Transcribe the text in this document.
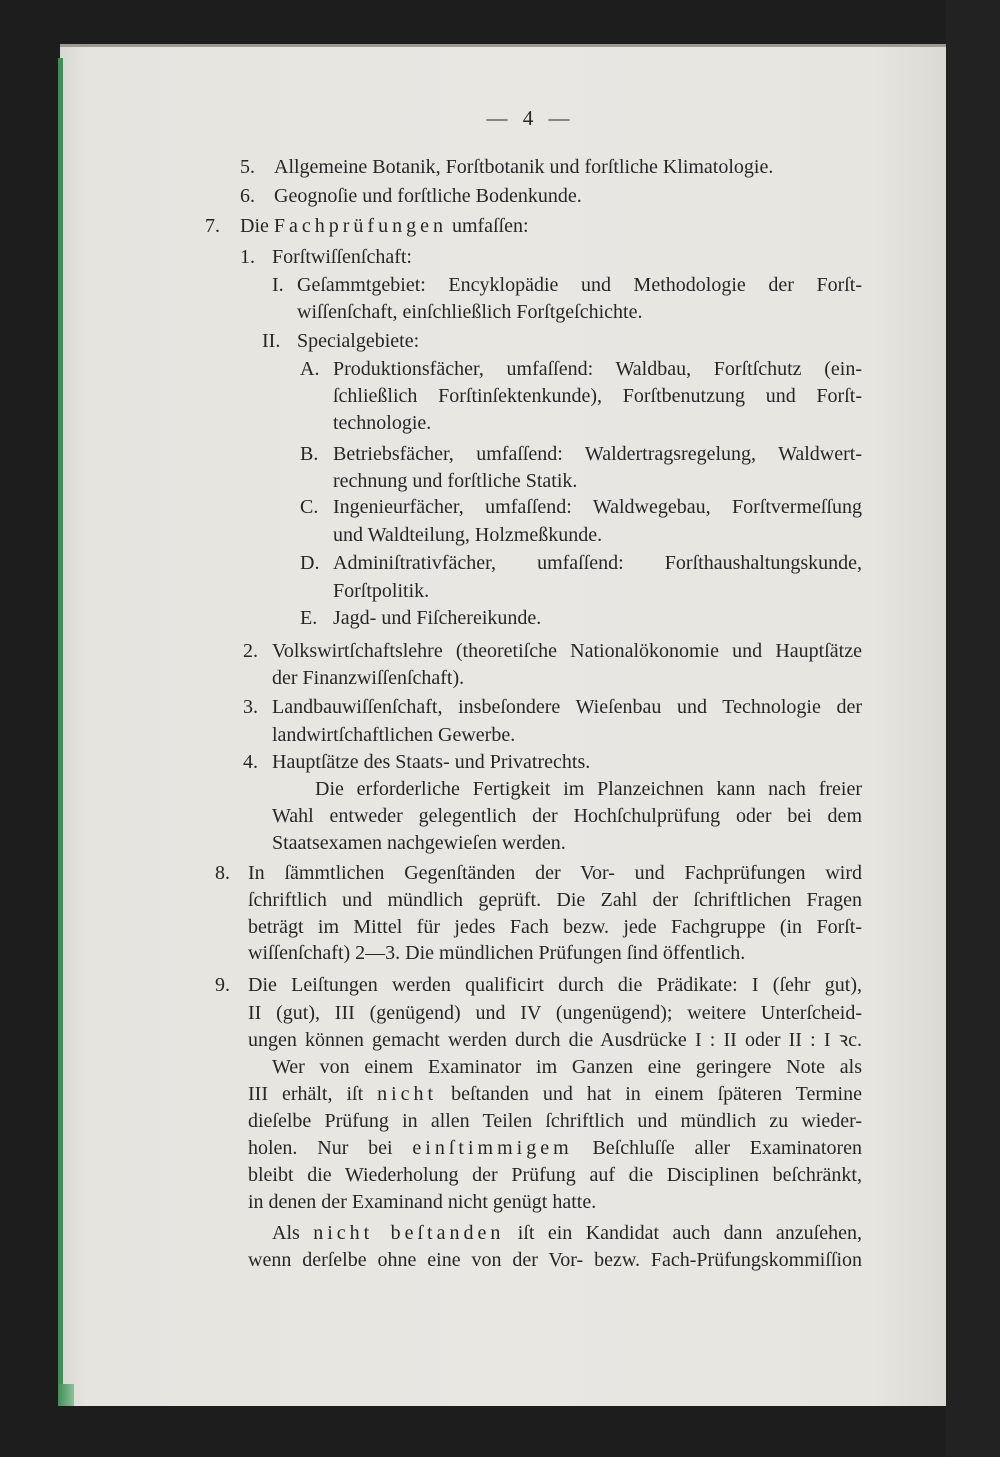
— 4 —
5. Allgemeine Botanik, Forſtbotanik und forſtliche Klimatologie.
6. Geognoſie und forſtliche Bodenkunde.
7. Die Fachprüfungen umfaſſen:
1. Forſtwiſſenſchaft:
I. Geſammtgebiet: Encyklopädie und Methodologie der Forſt-
wiſſenſchaft, einſchließlich Forſtgeſchichte.
II. Specialgebiete:
A. Produktionsfächer, umfaſſend: Waldbau, Forſtſchutz (ein-
ſchließlich Forſtinſektenkunde), Forſtbenutzung und Forſt-
technologie.
B. Betriebsfächer, umfaſſend: Waldertragsregelung, Waldwert-
rechnung und forſtliche Statik.
C. Ingenieurfächer, umfaſſend: Waldwegebau, Forſtvermeſſung
und Waldteilung, Holzmeßkunde.
D. Adminiſtrativfächer, umfaſſend: Forſthaushaltungskunde,
Forſtpolitik.
E. Jagd- und Fiſchereikunde.
2. Volkswirtſchaftslehre (theoretiſche Nationalökonomie und Hauptſätze
der Finanzwiſſenſchaft).
3. Landbauwiſſenſchaft, insbeſondere Wieſenbau und Technologie der
landwirtſchaftlichen Gewerbe.
4. Hauptſätze des Staats- und Privatrechts.
Die erforderliche Fertigkeit im Planzeichnen kann nach freier
Wahl entweder gelegentlich der Hochſchulprüfung oder bei dem
Staatsexamen nachgewieſen werden.
8. In ſämmtlichen Gegenſtänden der Vor- und Fachprüfungen wird
ſchriftlich und mündlich geprüft. Die Zahl der ſchriftlichen Fragen
beträgt im Mittel für jedes Fach bezw. jede Fachgruppe (in Forſt-
wiſſenſchaft) 2—3. Die mündlichen Prüfungen ſind öffentlich.
9. Die Leiſtungen werden qualificirt durch die Prädikate: I (ſehr gut),
II (gut), III (genügend) und IV (ungenügend); weitere Unterſcheid-
ungen können gemacht werden durch die Ausdrücke I : II oder II : I ꝛc.
Wer von einem Examinator im Ganzen eine geringere Note als
III erhält, iſt nicht beſtanden und hat in einem ſpäteren Termine
dieſelbe Prüfung in allen Teilen ſchriftlich und mündlich zu wieder-
holen. Nur bei einſtimmigem Beſchluſſe aller Examinatoren
bleibt die Wiederholung der Prüfung auf die Disciplinen beſchränkt,
in denen der Examinand nicht genügt hatte.
Als nicht beſtanden iſt ein Kandidat auch dann anzuſehen,
wenn derſelbe ohne eine von der Vor- bezw. Fach-Prüfungskommiſſion
